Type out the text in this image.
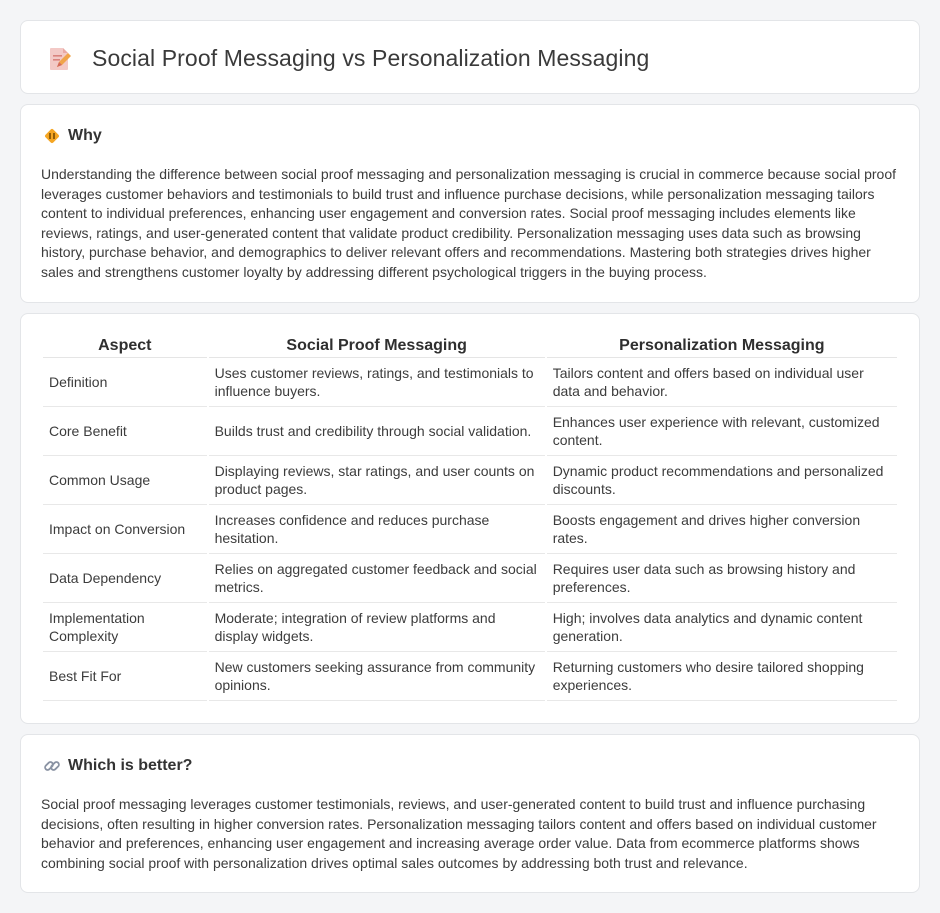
Social Proof Messaging vs Personalization Messaging
Why

Understanding the difference between social proof messaging and personalization messaging is crucial in commerce because social proof leverages customer behaviors and testimonials to build trust and influence purchase decisions, while personalization messaging tailors content to individual preferences, enhancing user engagement and conversion rates. Social proof messaging includes elements like reviews, ratings, and user-generated content that validate product credibility. Personalization messaging uses data such as browsing history, purchase behavior, and demographics to deliver relevant offers and recommendations. Mastering both strategies drives higher sales and strengthens customer loyalty by addressing different psychological triggers in the buying process.

Aspect	Social Proof Messaging	Personalization Messaging
Definition	Uses customer reviews, ratings, and testimonials to influence buyers.	Tailors content and offers based on individual user data and behavior.
Core Benefit	Builds trust and credibility through social validation.	Enhances user experience with relevant, customized content.
Common Usage	Displaying reviews, star ratings, and user counts on product pages.	Dynamic product recommendations and personalized discounts.
Impact on Conversion	Increases confidence and reduces purchase hesitation.	Boosts engagement and drives higher conversion rates.
Data Dependency	Relies on aggregated customer feedback and social metrics.	Requires user data such as browsing history and preferences.
Implementation Complexity	Moderate; integration of review platforms and display widgets.	High; involves data analytics and dynamic content generation.
Best Fit For	New customers seeking assurance from community opinions.	Returning customers who desire tailored shopping experiences.
Which is better?

Social proof messaging leverages customer testimonials, reviews, and user-generated content to build trust and influence purchasing decisions, often resulting in higher conversion rates. Personalization messaging tailors content and offers based on individual customer behavior and preferences, enhancing user engagement and increasing average order value. Data from ecommerce platforms shows combining social proof with personalization drives optimal sales outcomes by addressing both trust and relevance.
